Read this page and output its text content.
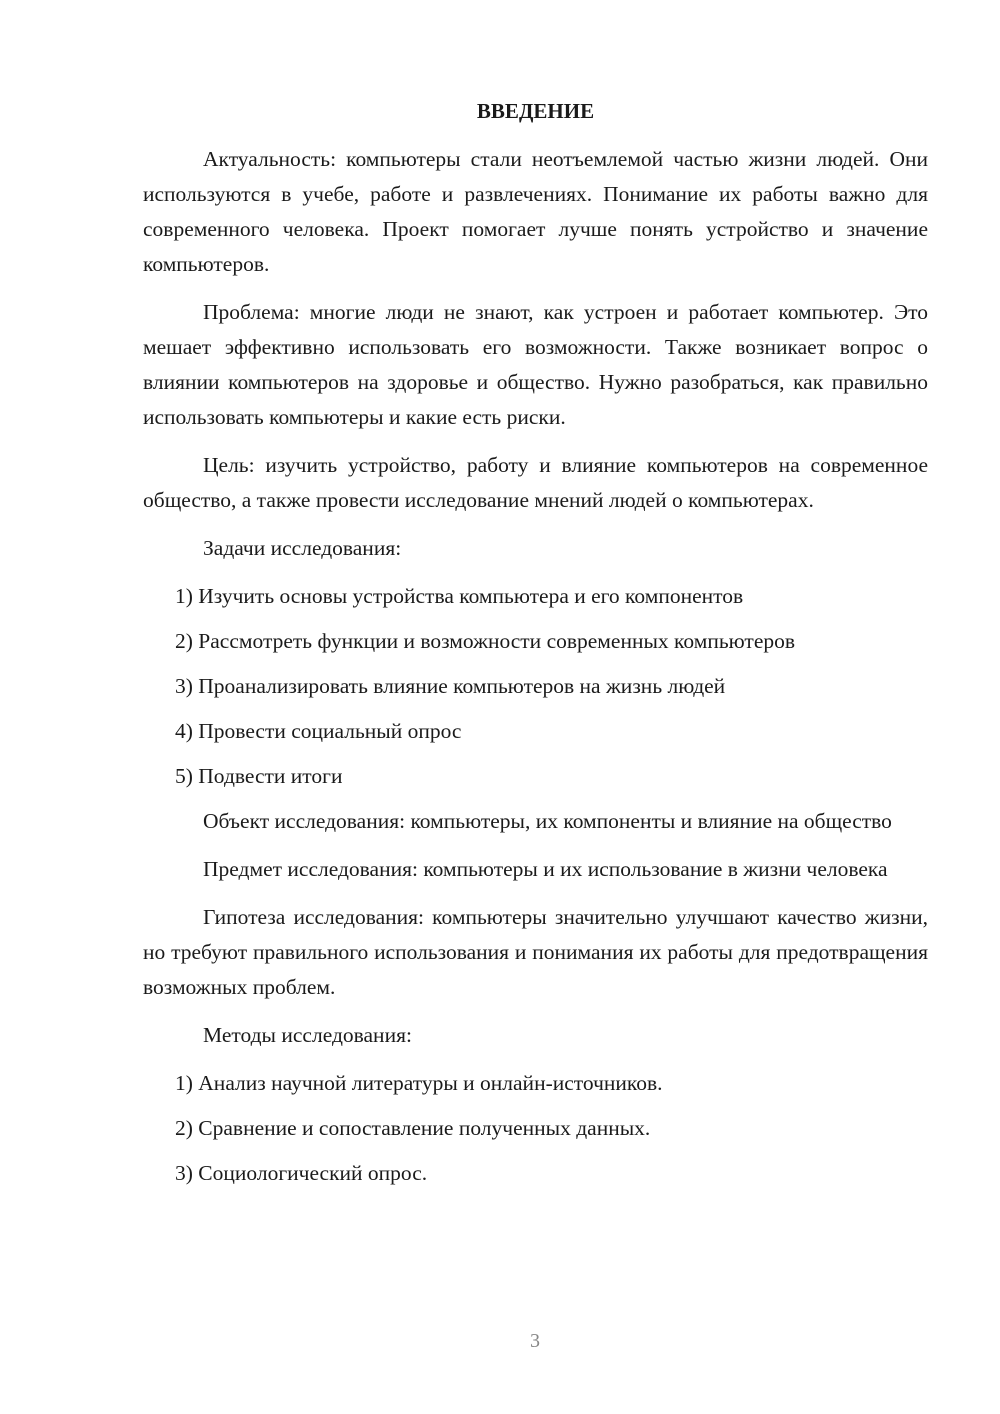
ВВЕДЕНИЕ

Актуальность: компьютеры стали неотъемлемой частью жизни людей. Они используются в учебе, работе и развлечениях. Понимание их работы важно для современного человека. Проект помогает лучше понять устройство и значение компьютеров.

Проблема: многие люди не знают, как устроен и работает компьютер. Это мешает эффективно использовать его возможности. Также возникает вопрос о влиянии компьютеров на здоровье и общество. Нужно разобраться, как правильно использовать компьютеры и какие есть риски.

Цель: изучить устройство, работу и влияние компьютеров на современное общество, а также провести исследование мнений людей о компьютерах.

Задачи исследования:

1) Изучить основы устройства компьютера и его компонентов

2) Рассмотреть функции и возможности современных компьютеров

3) Проанализировать влияние компьютеров на жизнь людей

4) Провести социальный опрос

5) Подвести итоги

Объект исследования: компьютеры, их компоненты и влияние на общество

Предмет исследования: компьютеры и их использование в жизни человека

Гипотеза исследования: компьютеры значительно улучшают качество жизни, но требуют правильного использования и понимания их работы для предотвращения возможных проблем.

Методы исследования:

1) Анализ научной литературы и онлайн-источников.

2) Сравнение и сопоставление полученных данных.

3) Социологический опрос.

3
